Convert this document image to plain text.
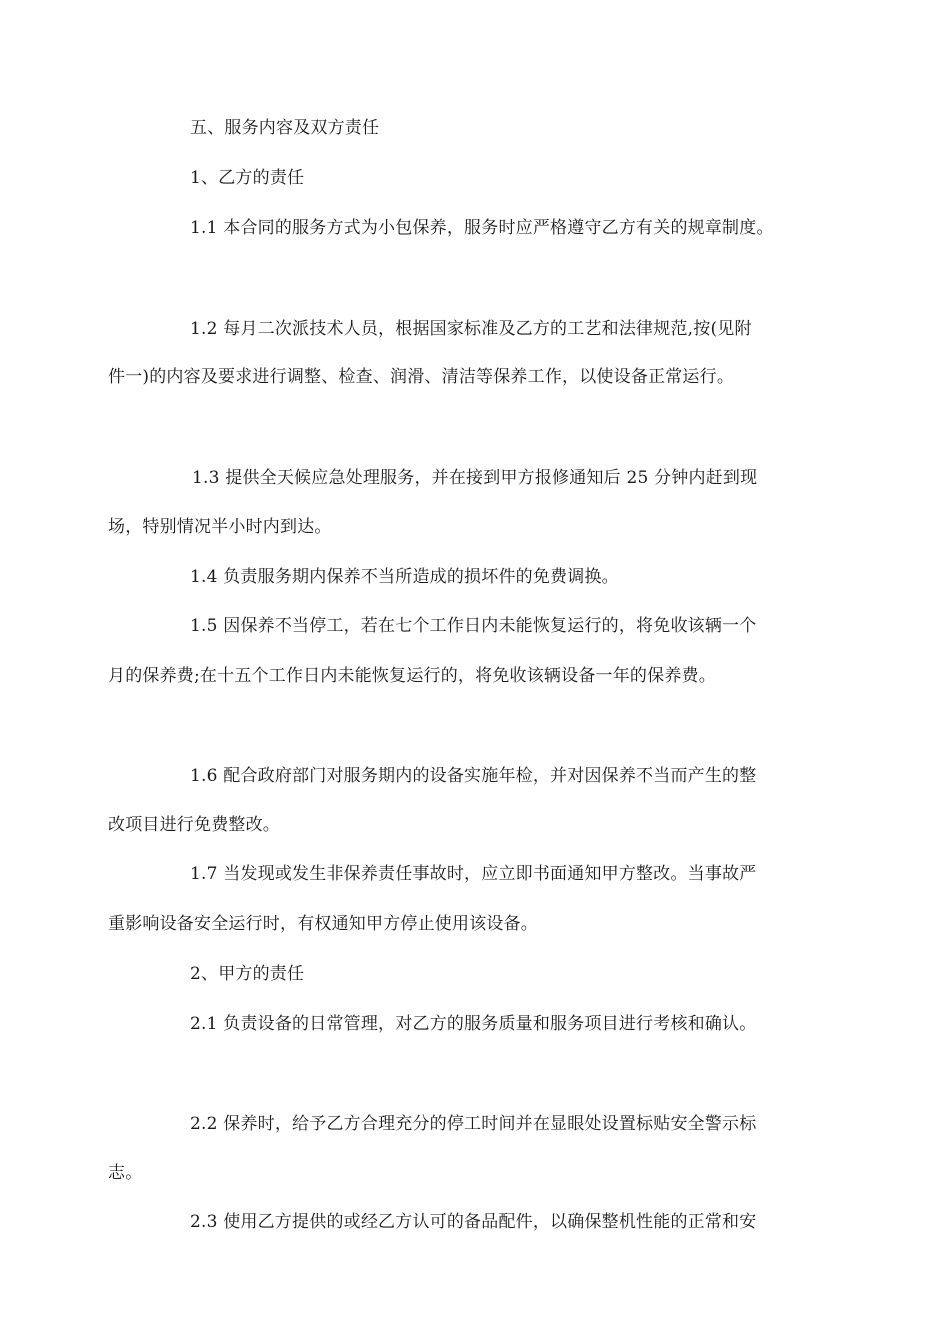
五、服务内容及双方责任
1、乙方的责任
1.1 本合同的服务方式为小包保养，服务时应严格遵守乙方有关的规章制度。
1.2 每月二次派技术人员，根据国家标准及乙方的工艺和法律规范,按(见附
件一)的内容及要求进行调整、检查、润滑、清洁等保养工作，以使设备正常运行。
1.3 提供全天候应急处理服务，并在接到甲方报修通知后 25 分钟内赶到现
场，特别情况半小时内到达。
1.4 负责服务期内保养不当所造成的损坏件的免费调换。
1.5 因保养不当停工，若在七个工作日内未能恢复运行的，将免收该辆一个
月的保养费;在十五个工作日内未能恢复运行的，将免收该辆设备一年的保养费。
1.6 配合政府部门对服务期内的设备实施年检，并对因保养不当而产生的整
改项目进行免费整改。
1.7 当发现或发生非保养责任事故时，应立即书面通知甲方整改。当事故严
重影响设备安全运行时，有权通知甲方停止使用该设备。
2、甲方的责任
2.1 负责设备的日常管理，对乙方的服务质量和服务项目进行考核和确认。
2.2 保养时，给予乙方合理充分的停工时间并在显眼处设置标贴安全警示标
志。
2.3 使用乙方提供的或经乙方认可的备品配件，以确保整机性能的正常和安
